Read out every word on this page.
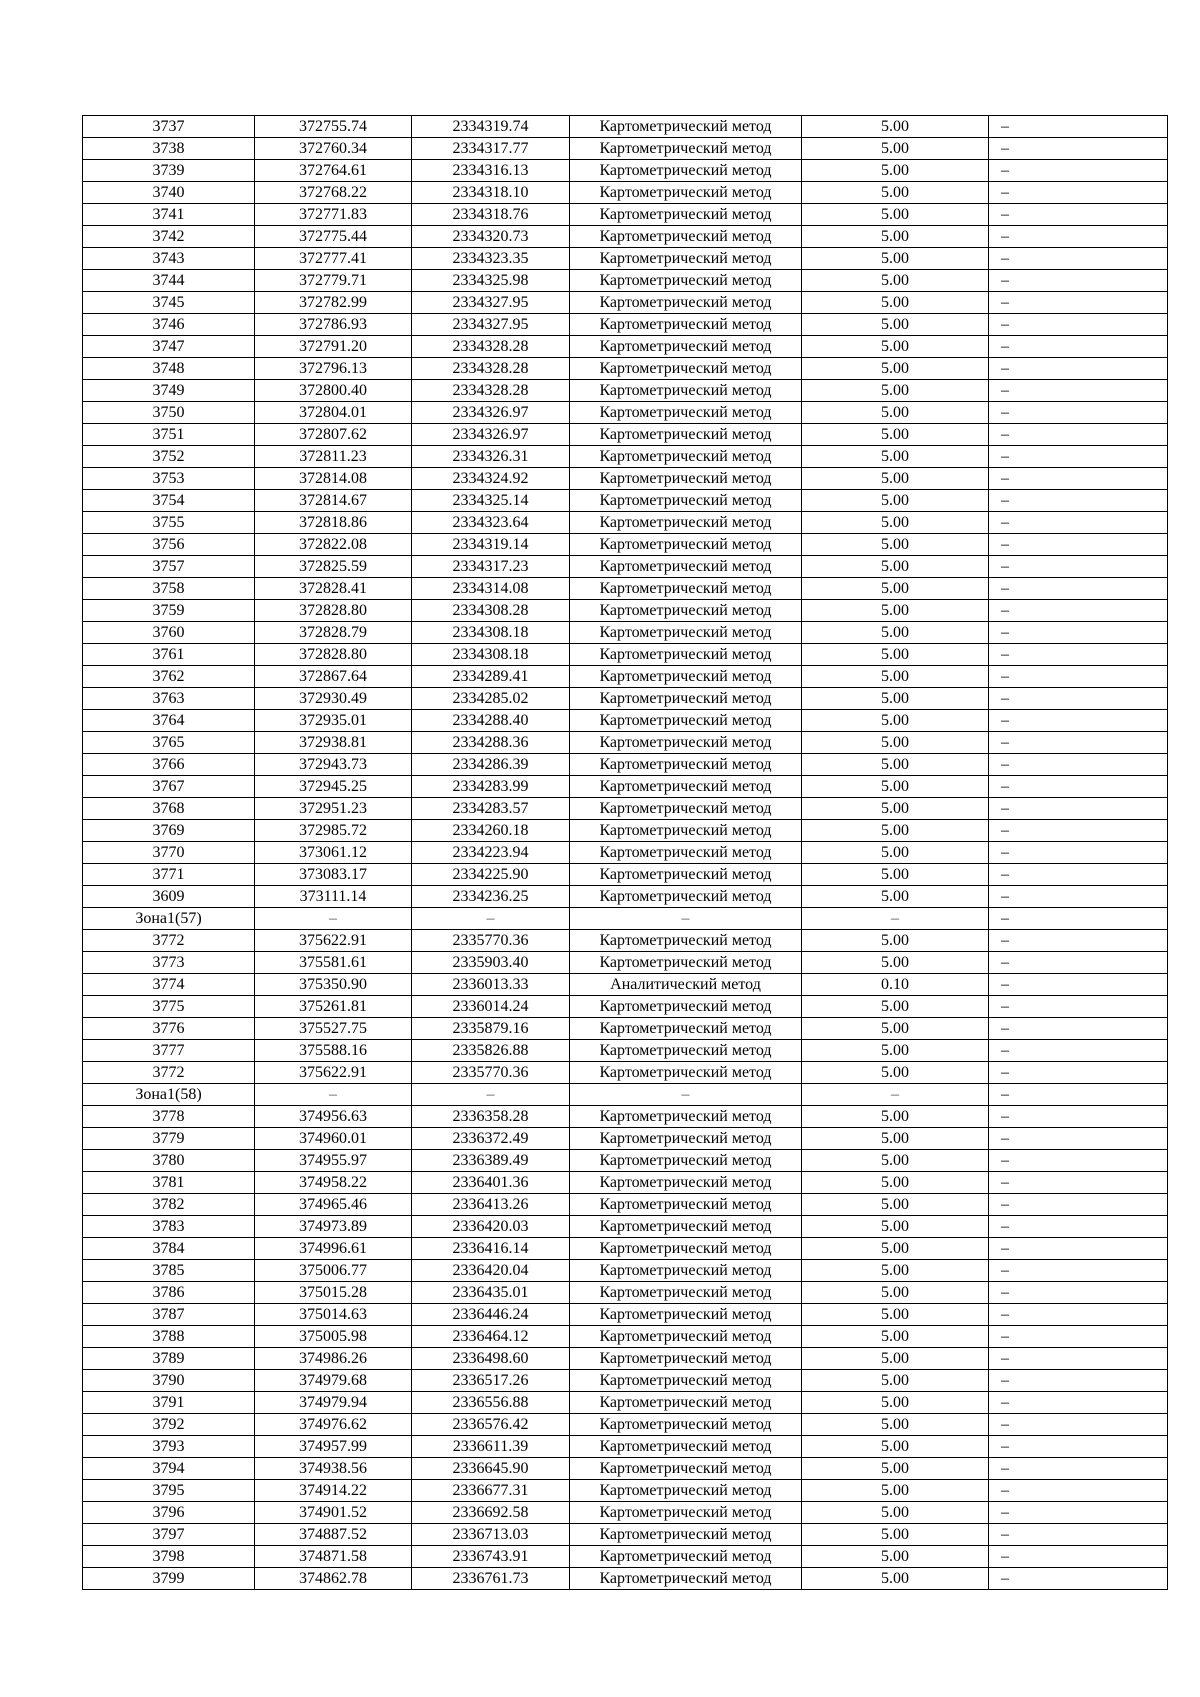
3737	372755.74	2334319.74	Картометрический метод	5.00	–
3738	372760.34	2334317.77	Картометрический метод	5.00	–
3739	372764.61	2334316.13	Картометрический метод	5.00	–
3740	372768.22	2334318.10	Картометрический метод	5.00	–
3741	372771.83	2334318.76	Картометрический метод	5.00	–
3742	372775.44	2334320.73	Картометрический метод	5.00	–
3743	372777.41	2334323.35	Картометрический метод	5.00	–
3744	372779.71	2334325.98	Картометрический метод	5.00	–
3745	372782.99	2334327.95	Картометрический метод	5.00	–
3746	372786.93	2334327.95	Картометрический метод	5.00	–
3747	372791.20	2334328.28	Картометрический метод	5.00	–
3748	372796.13	2334328.28	Картометрический метод	5.00	–
3749	372800.40	2334328.28	Картометрический метод	5.00	–
3750	372804.01	2334326.97	Картометрический метод	5.00	–
3751	372807.62	2334326.97	Картометрический метод	5.00	–
3752	372811.23	2334326.31	Картометрический метод	5.00	–
3753	372814.08	2334324.92	Картометрический метод	5.00	–
3754	372814.67	2334325.14	Картометрический метод	5.00	–
3755	372818.86	2334323.64	Картометрический метод	5.00	–
3756	372822.08	2334319.14	Картометрический метод	5.00	–
3757	372825.59	2334317.23	Картометрический метод	5.00	–
3758	372828.41	2334314.08	Картометрический метод	5.00	–
3759	372828.80	2334308.28	Картометрический метод	5.00	–
3760	372828.79	2334308.18	Картометрический метод	5.00	–
3761	372828.80	2334308.18	Картометрический метод	5.00	–
3762	372867.64	2334289.41	Картометрический метод	5.00	–
3763	372930.49	2334285.02	Картометрический метод	5.00	–
3764	372935.01	2334288.40	Картометрический метод	5.00	–
3765	372938.81	2334288.36	Картометрический метод	5.00	–
3766	372943.73	2334286.39	Картометрический метод	5.00	–
3767	372945.25	2334283.99	Картометрический метод	5.00	–
3768	372951.23	2334283.57	Картометрический метод	5.00	–
3769	372985.72	2334260.18	Картометрический метод	5.00	–
3770	373061.12	2334223.94	Картометрический метод	5.00	–
3771	373083.17	2334225.90	Картометрический метод	5.00	–
3609	373111.14	2334236.25	Картометрический метод	5.00	–
Зона1(57)	–	–	–	–	–
3772	375622.91	2335770.36	Картометрический метод	5.00	–
3773	375581.61	2335903.40	Картометрический метод	5.00	–
3774	375350.90	2336013.33	Аналитический метод	0.10	–
3775	375261.81	2336014.24	Картометрический метод	5.00	–
3776	375527.75	2335879.16	Картометрический метод	5.00	–
3777	375588.16	2335826.88	Картометрический метод	5.00	–
3772	375622.91	2335770.36	Картометрический метод	5.00	–
Зона1(58)	–	–	–	–	–
3778	374956.63	2336358.28	Картометрический метод	5.00	–
3779	374960.01	2336372.49	Картометрический метод	5.00	–
3780	374955.97	2336389.49	Картометрический метод	5.00	–
3781	374958.22	2336401.36	Картометрический метод	5.00	–
3782	374965.46	2336413.26	Картометрический метод	5.00	–
3783	374973.89	2336420.03	Картометрический метод	5.00	–
3784	374996.61	2336416.14	Картометрический метод	5.00	–
3785	375006.77	2336420.04	Картометрический метод	5.00	–
3786	375015.28	2336435.01	Картометрический метод	5.00	–
3787	375014.63	2336446.24	Картометрический метод	5.00	–
3788	375005.98	2336464.12	Картометрический метод	5.00	–
3789	374986.26	2336498.60	Картометрический метод	5.00	–
3790	374979.68	2336517.26	Картометрический метод	5.00	–
3791	374979.94	2336556.88	Картометрический метод	5.00	–
3792	374976.62	2336576.42	Картометрический метод	5.00	–
3793	374957.99	2336611.39	Картометрический метод	5.00	–
3794	374938.56	2336645.90	Картометрический метод	5.00	–
3795	374914.22	2336677.31	Картометрический метод	5.00	–
3796	374901.52	2336692.58	Картометрический метод	5.00	–
3797	374887.52	2336713.03	Картометрический метод	5.00	–
3798	374871.58	2336743.91	Картометрический метод	5.00	–
3799	374862.78	2336761.73	Картометрический метод	5.00	–
